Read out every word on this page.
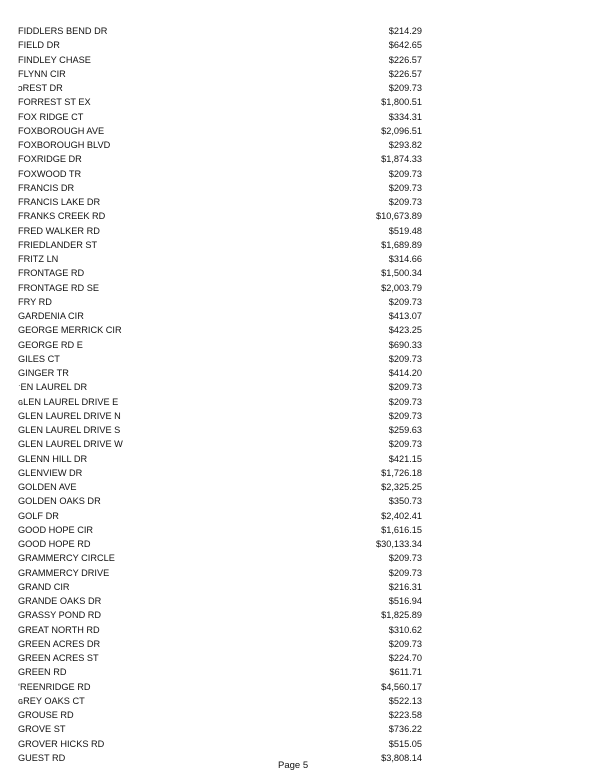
FIDDLERS BEND DR	$214.29
FIELD DR	$642.65
FINDLEY CHASE	$226.57
FLYNN CIR	$226.57
ɔREST DR	$209.73
FORREST ST EX	$1,800.51
FOX RIDGE CT	$334.31
FOXBOROUGH AVE	$2,096.51
FOXBOROUGH BLVD	$293.82
FOXRIDGE DR	$1,874.33
FOXWOOD TR	$209.73
FRANCIS DR	$209.73
FRANCIS LAKE DR	$209.73
FRANKS CREEK RD	$10,673.89
FRED WALKER RD	$519.48
FRIEDLANDER ST	$1,689.89
FRITZ LN	$314.66
FRONTAGE RD	$1,500.34
FRONTAGE RD SE	$2,003.79
FRY RD	$209.73
GARDENIA CIR	$413.07
GEORGE MERRICK CIR	$423.25
GEORGE RD E	$690.33
GILES CT	$209.73
GINGER TR	$414.20
ˑEN LAUREL DR	$209.73
ɢLEN LAUREL DRIVE E	$209.73
GLEN LAUREL DRIVE N	$209.73
GLEN LAUREL DRIVE S	$259.63
GLEN LAUREL DRIVE W	$209.73
GLENN HILL DR	$421.15
GLENVIEW DR	$1,726.18
GOLDEN AVE	$2,325.25
GOLDEN OAKS DR	$350.73
GOLF DR	$2,402.41
GOOD HOPE CIR	$1,616.15
GOOD HOPE RD	$30,133.34
GRAMMERCY CIRCLE	$209.73
GRAMMERCY DRIVE	$209.73
GRAND CIR	$216.31
GRANDE OAKS DR	$516.94
GRASSY POND RD	$1,825.89
GREAT NORTH RD	$310.62
GREEN ACRES DR	$209.73
GREEN ACRES ST	$224.70
GREEN RD	$611.71
ʻREENRIDGE RD	$4,560.17
ɢREY OAKS CT	$522.13
GROUSE RD	$223.58
GROVE ST	$736.22
GROVER HICKS RD	$515.05
GUEST RD	$3,808.14
Page 5
